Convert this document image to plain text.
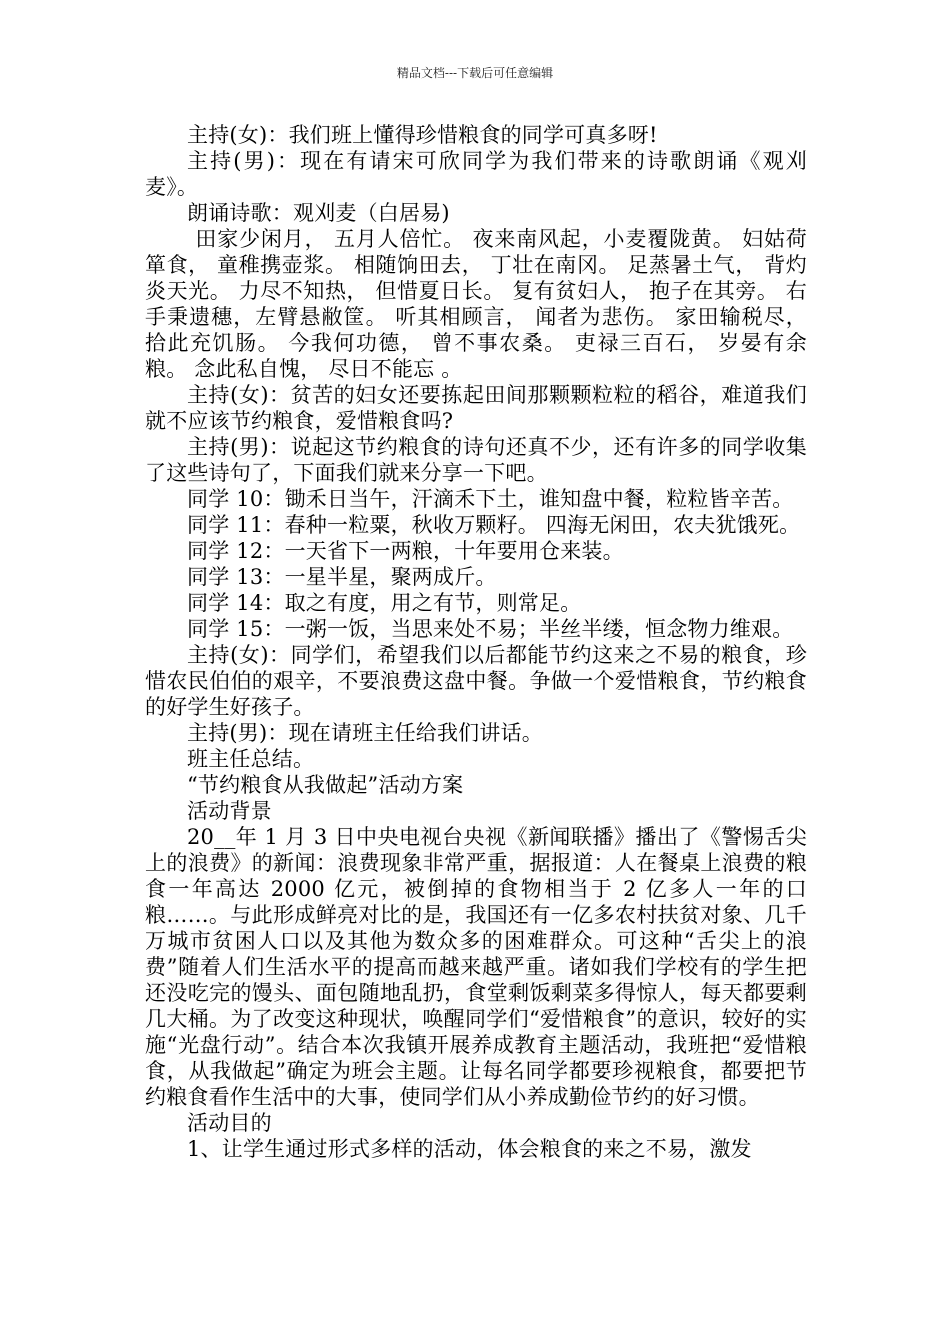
精品文档---下载后可任意编辑

主持(女)：我们班上懂得珍惜粮食的同学可真多呀!

主持(男)：现在有请宋可欣同学为我们带来的诗歌朗诵《观刈麦》。

朗诵诗歌：观刈麦（白居易)

田家少闲月， 五月人倍忙。 夜来南风起，小麦覆陇黄。 妇姑荷箪食， 童稚携壶浆。 相随饷田去， 丁壮在南冈。 足蒸暑土气， 背灼炎天光。 力尽不知热， 但惜夏日长。 复有贫妇人， 抱子在其旁。 右手秉遗穗，左臂悬敝筐。 听其相顾言， 闻者为悲伤。 家田输税尽， 拾此充饥肠。 今我何功德， 曾不事农桑。 吏禄三百石， 岁晏有余粮。 念此私自愧， 尽日不能忘 。

主持(女)：贫苦的妇女还要拣起田间那颗颗粒粒的稻谷，难道我们就不应该节约粮食，爱惜粮食吗?

主持(男)：说起这节约粮食的诗句还真不少，还有许多的同学收集了这些诗句了，下面我们就来分享一下吧。

同学 10：锄禾日当午，汗滴禾下土，谁知盘中餐，粒粒皆辛苦。

同学 11：春种一粒粟，秋收万颗籽。 四海无闲田，农夫犹饿死。

同学 12：一天省下一两粮，十年要用仓来装。

同学 13：一星半星，聚两成斤。

同学 14：取之有度，用之有节，则常足。

同学 15：一粥一饭，当思来处不易；半丝半缕，恒念物力维艰。

主持(女)：同学们，希望我们以后都能节约这来之不易的粮食，珍惜农民伯伯的艰辛，不要浪费这盘中餐。争做一个爱惜粮食，节约粮食的好学生好孩子。

主持(男)：现在请班主任给我们讲话。

班主任总结。

“节约粮食从我做起”活动方案

活动背景

20__年 1 月 3 日中央电视台央视《新闻联播》播出了《警惕舌尖上的浪费》的新闻：浪费现象非常严重，据报道：人在餐桌上浪费的粮食一年高达 2000 亿元，被倒掉的食物相当于 2 亿多人一年的口粮……。与此形成鲜亮对比的是，我国还有一亿多农村扶贫对象、几千万城市贫困人口以及其他为数众多的困难群众。可这种“舌尖上的浪费”随着人们生活水平的提高而越来越严重。诸如我们学校有的学生把还没吃完的馒头、面包随地乱扔，食堂剩饭剩菜多得惊人，每天都要剩几大桶。为了改变这种现状，唤醒同学们“爱惜粮食”的意识，较好的实施“光盘行动”。结合本次我镇开展养成教育主题活动，我班把“爱惜粮食，从我做起”确定为班会主题。让每名同学都要珍视粮食，都要把节约粮食看作生活中的大事，使同学们从小养成勤俭节约的好习惯。

活动目的

1、让学生通过形式多样的活动，体会粮食的来之不易，激发
